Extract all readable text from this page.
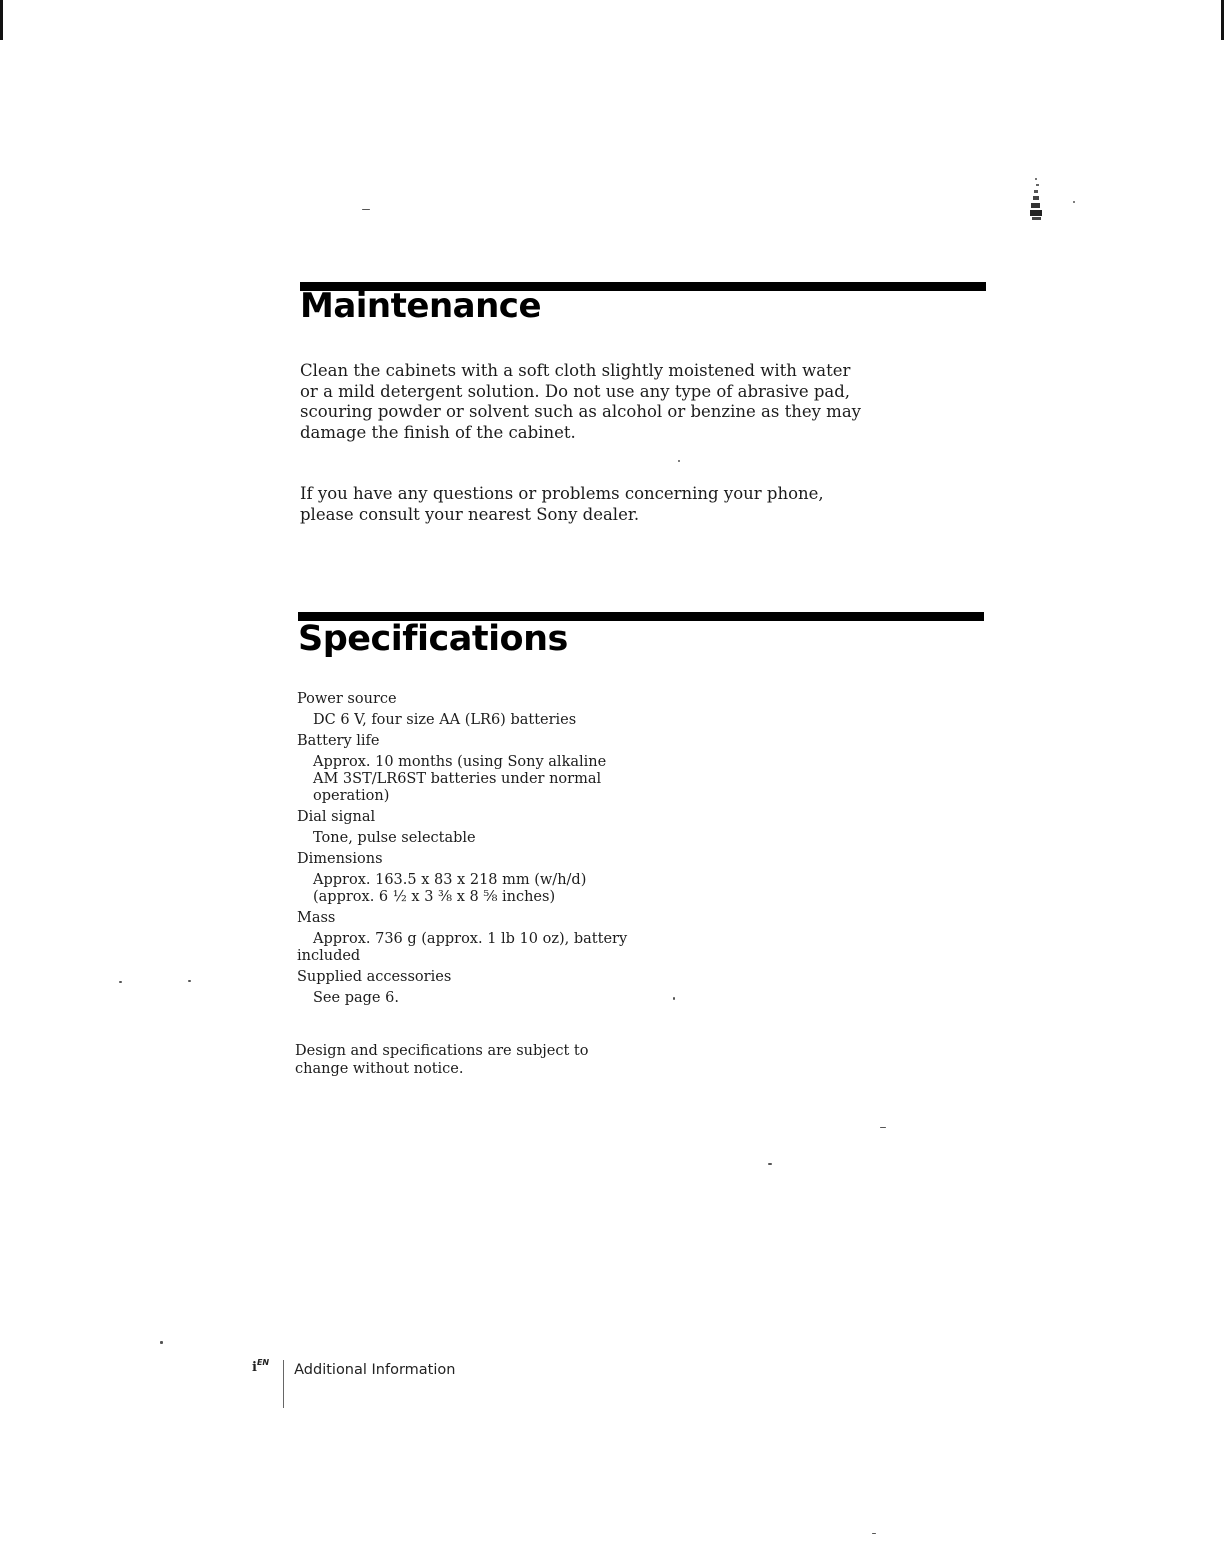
Maintenance

Clean the cabinets with a soft cloth slightly moistened with water or a mild detergent solution. Do not use any type of abrasive pad, scouring powder or solvent such as alcohol or benzine as they may damage the finish of the cabinet.

If you have any questions or problems concerning your phone, please consult your nearest Sony dealer.

Specifications
Power source
DC 6 V, four size AA (LR6) batteries
Battery life
Approx. 10 months (using Sony alkaline
AM 3ST/LR6ST batteries under normal
operation)
Dial signal
Tone, pulse selectable
Dimensions
Approx. 163.5 x 83 x 218 mm (w/h/d)
(approx. 6 ½ x 3 ⅜ x 8 ⅝ inches)
Mass
Approx. 736 g (approx. 1 lb 10 oz), battery
included
Supplied accessories
See page 6.

Design and specifications are subject to change without notice.

$i^{EN}$ Additional Information
